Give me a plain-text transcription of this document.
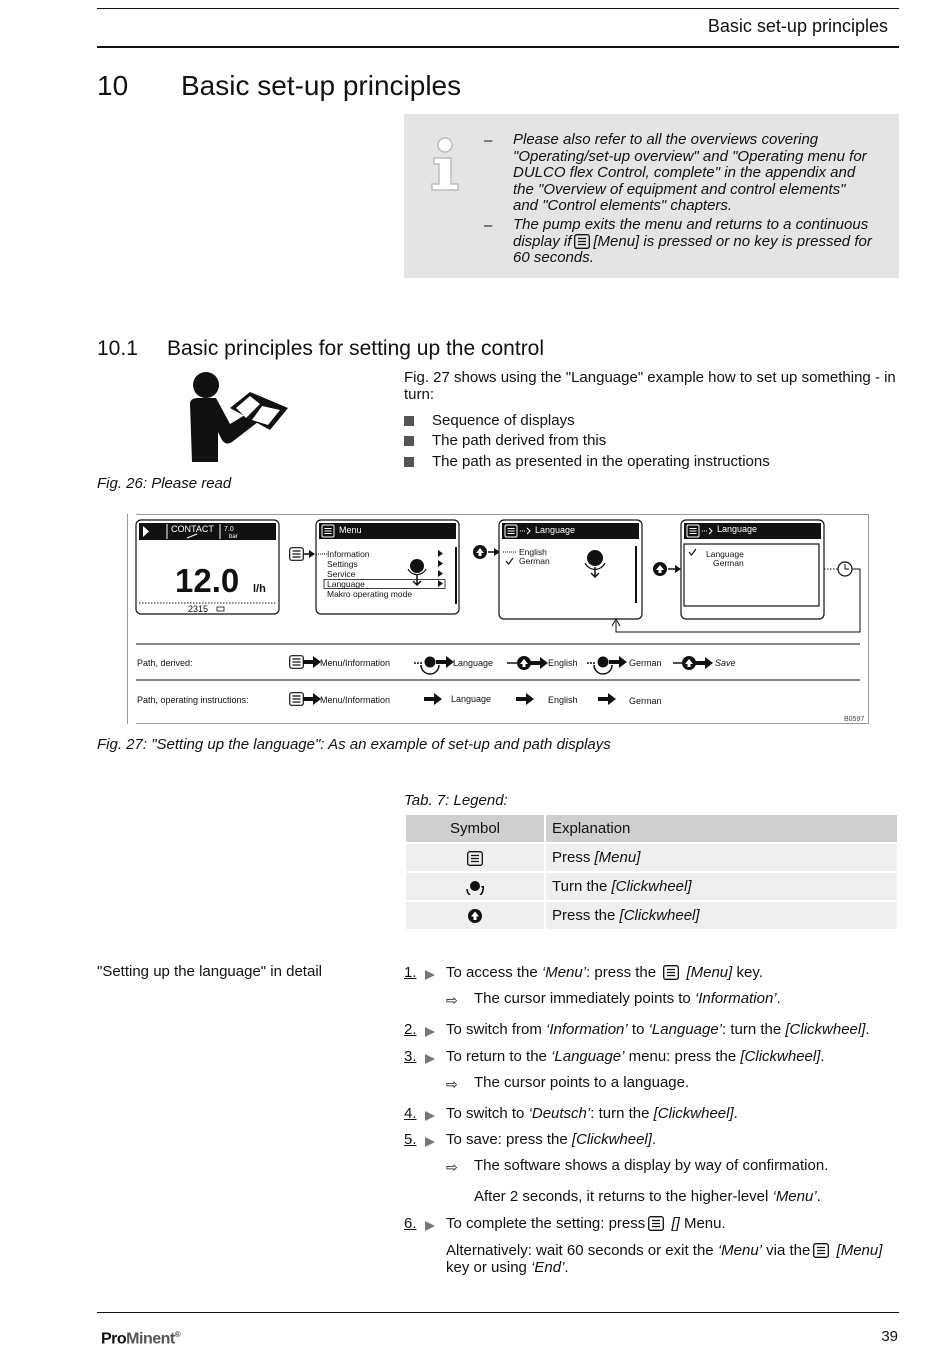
Basic set-up principles
10 Basic set-up principles
– Please also refer to all the overviews covering "Operating/set-up overview" and "Operating menu for DULCO flex Control, complete" in the appendix and the "Overview of equipment and control elements" and "Control elements" chapters.
– The pump exits the menu and returns to a continuous display if [Menu] is pressed or no key is pressed for 60 seconds.
10.1 Basic principles for setting up the control
Fig. 26: Please read
Fig. 27 shows using the "Language" example how to set up something - in turn:
Sequence of displays
The path derived from this
The path as presented in the operating instructions
CONTACT 7.0
bar
12.0 l/h
2315
Menu
Information
Settings
Service
Language
Makro operating mode
Language
English
German
Language
Language
German
Path, derived:	Menu/Information	Language	English	German	Save
Path, operating instructions:	Menu/Information	Language	English	German
B0597
Fig. 27: "Setting up the language": As an example of set-up and path displays
Tab. 7: Legend:
Symbol	Explanation
	Press [Menu]
	Turn the [Clickwheel]
	Press the [Clickwheel]
"Setting up the language" in detail	1. To access the ‘Menu’: press the  [Menu] key.
⇨ The cursor immediately points to ‘Information’.
2. To switch from ‘Information’ to ‘Language’: turn the [Clickwheel].
3. To return to the ‘Language’ menu: press the [Clickwheel].
⇨ The cursor points to a language.
4. To switch to ‘Deutsch’: turn the [Clickwheel].
5. To save: press the [Clickwheel].
⇨ The software shows a display by way of confirmation.
After 2 seconds, it returns to the higher-level ‘Menu’.
6. To complete the setting: press [] Menu.
Alternatively: wait 60 seconds or exit the ‘Menu’ via the [Menu]
key or using ‘End’.
ProMinent®	39
